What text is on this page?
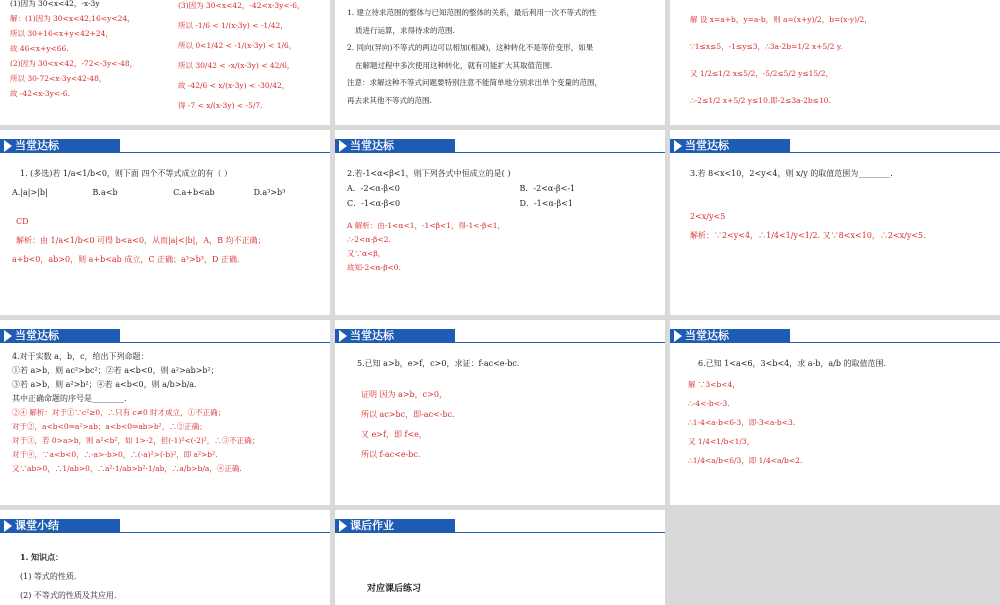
(1)因为 30<x<42，-x-3y
解：(1)因为 30<x<42,16<y<24，
所以 30+16<x+y<42+24，
故 46<x+y<66.
(2)因为 30<x<42，-72<-3y<-48，
所以 30-72<x-3y<42-48，
故 -42<x-3y<-6.
(3)因为 30<x<42，-42<x-3y<-6，
所以 -1/6 < 1/(x-3y) < -1/42，
所以 0<1/42 < -1/(x-3y) < 1/6，
所以 30/42 < -x/(x-3y) < 42/6，
故 -42/6 < x/(x-3y) < -30/42，
得 -7 < x/(x-3y) < -5/7.
1. 建立待求范围的整体与已知范围的整体的关系，最后利用一次不等式的性
质进行运算，求得待求的范围.
2. 同向(异向)不等式的两边可以相加(相减)，这种转化不是等价变形，如果
在解题过程中多次使用这种转化，就有可能扩大其取值范围.
注意：求解这种不等式问题要特别注意不能简单地分别求出单个变量的范围，
再去求其他不等式的范围.
解 设 x=a+b，y=a-b，则 a=(x+y)/2，b=(x-y)/2，
∵1≤x≤5，-1≤y≤3，∴3a-2b=1/2 x+5/2 y.
又 1/2≤1/2 x≤5/2，-5/2≤5/2 y≤15/2，
∴-2≤1/2 x+5/2 y≤10.即-2≤3a-2b≤10.
当堂达标
1. (多选)若 1/a<1/b<0，则下面 四个不等式成立的有（ ）
A.|a|>|b|	B.a<b	C.a+b<ab	D.a³>b³
CD
解析：由 1/a<1/b<0 可得 b<a<0，从而|a|<|b|，A，B 均不正确；
a+b<0，ab>0，则 a+b<ab 成立，C 正确；a³>b³，D 正确.
当堂达标
2.若-1<α<β<1，则下列各式中恒成立的是( )
A．-2<α-β<0	B．-2<α-β<-1
C．-1<α-β<0	D．-1<α-β<1
A 解析：由-1<α<1，-1<β<1，得-1<-β<1，
∴-2<α-β<2.
又∵α<β，
故知-2<α-β<0.
当堂达标
3.若 8<x<10，2<y<4，则 x/y 的取值范围为________.
2<x/y<5
解析：∵2<y<4，∴1/4<1/y<1/2. 又∵8<x<10，∴2<x/y<5.
当堂达标
4.对于实数 a，b，c，给出下列命题：
①若 a>b，则 ac²>bc²；②若 a<b<0，则 a²>ab>b²；
③若 a>b，则 a²>b²；④若 a<b<0，则 a/b>b/a.
其中正确命题的序号是________.
②④ 解析：对于①∵c²≥0，∴只有 c≠0 时才成立，①不正确；
对于②，a<b<0⇒a²>ab；a<b<0⇒ab>b²，∴②正确；
对于③，若 0>a>b，则 a²<b²，如 1>-2，但(-1)²<(-2)²，∴③不正确；
对于④，∵a<b<0，∴-a>-b>0，∴(-a)²>(-b)²，即 a²>b².
又∵ab>0，∴1/ab>0，∴a²·1/ab>b²·1/ab，∴a/b>b/a，④正确.
当堂达标
5.已知 a>b，e>f，c>0，求证：f-ac<e-bc.
证明 因为 a>b，c>0，
所以 ac>bc，即-ac<-bc.
又 e>f，即 f<e，
所以 f-ac<e-bc.
当堂达标
6.已知 1<a<6，3<b<4，求 a-b，a/b 的取值范围.
解 ∵3<b<4，
∴-4<-b<-3.
∴1-4<a-b<6-3，即-3<a-b<3.
又 1/4<1/b<1/3，
∴1/4<a/b<6/3，即 1/4<a/b<2.
课堂小结
1. 知识点：
(1) 等式的性质.
(2) 不等式的性质及其应用.
课后作业
对应课后练习
